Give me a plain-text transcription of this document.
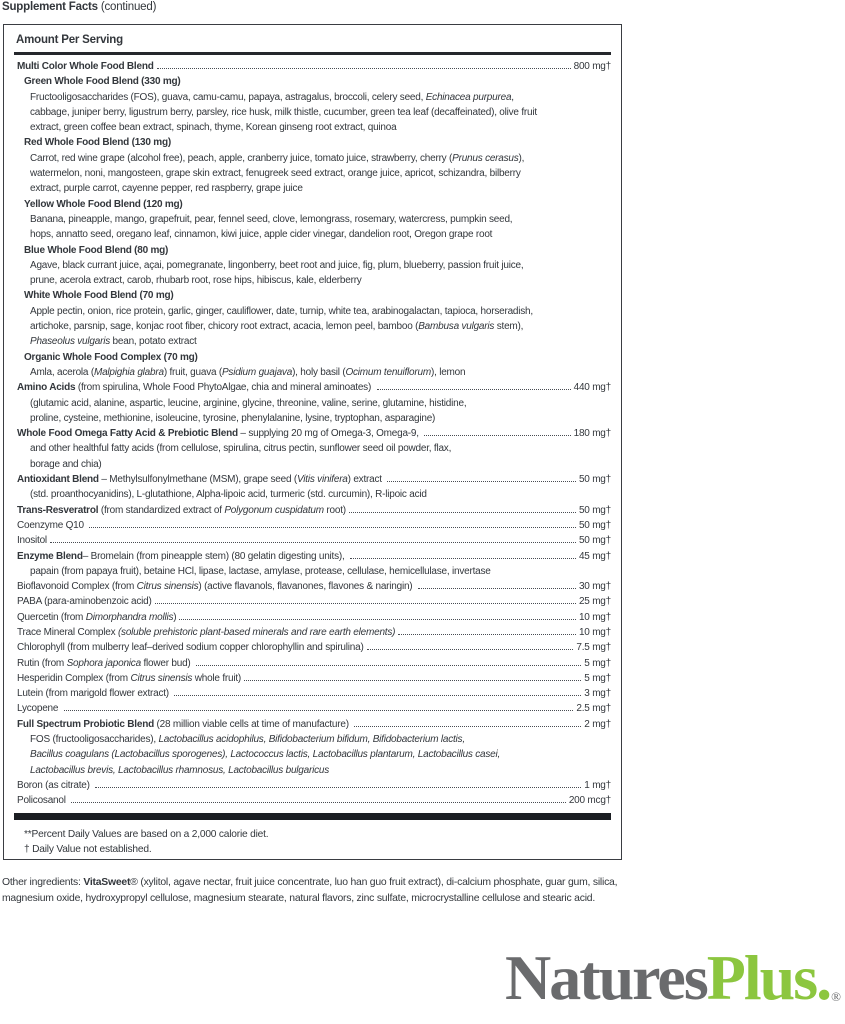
Supplement Facts (continued)
Amount Per Serving
Multi Color Whole Food Blend	800 mg†
Green Whole Food Blend (330 mg)
Fructooligosaccharides (FOS), guava, camu-camu, papaya, astragalus, broccoli, celery seed, Echinacea purpurea,
cabbage, juniper berry, ligustrum berry, parsley, rice husk, milk thistle, cucumber, green tea leaf (decaffeinated), olive fruit
extract, green coffee bean extract, spinach, thyme, Korean ginseng root extract, quinoa
Red Whole Food Blend (130 mg)
Carrot, red wine grape (alcohol free), peach, apple, cranberry juice, tomato juice, strawberry, cherry (Prunus cerasus),
watermelon, noni, mangosteen, grape skin extract, fenugreek seed extract, orange juice, apricot, schizandra, bilberry
extract, purple carrot, cayenne pepper, red raspberry, grape juice
Yellow Whole Food Blend (120 mg)
Banana, pineapple, mango, grapefruit, pear, fennel seed, clove, lemongrass, rosemary, watercress, pumpkin seed,
hops, annatto seed, oregano leaf, cinnamon, kiwi juice, apple cider vinegar, dandelion root, Oregon grape root
Blue Whole Food Blend (80 mg)
Agave, black currant juice, açai, pomegranate, lingonberry, beet root and juice, fig, plum, blueberry, passion fruit juice,
prune, acerola extract, carob, rhubarb root, rose hips, hibiscus, kale, elderberry
White Whole Food Blend (70 mg)
Apple pectin, onion, rice protein, garlic, ginger, cauliflower, date, turnip, white tea, arabinogalactan, tapioca, horseradish,
artichoke, parsnip, sage, konjac root fiber, chicory root extract, acacia, lemon peel, bamboo (Bambusa vulgaris stem),
Phaseolus vulgaris bean, potato extract
Organic Whole Food Complex (70 mg)
Amla, acerola (Malpighia glabra) fruit, guava (Psidium guajava), holy basil (Ocimum tenuiflorum), lemon
Amino Acids (from spirulina, Whole Food PhytoAlgae, chia and mineral aminoates)	440 mg†
(glutamic acid, alanine, aspartic, leucine, arginine, glycine, threonine, valine, serine, glutamine, histidine,
proline, cysteine, methionine, isoleucine, tyrosine, phenylalanine, lysine, tryptophan, asparagine)
Whole Food Omega Fatty Acid & Prebiotic Blend – supplying 20 mg of Omega-3, Omega-9,	180 mg†
and other healthful fatty acids (from cellulose, spirulina, citrus pectin, sunflower seed oil powder, flax,
borage and chia)
Antioxidant Blend – Methylsulfonylmethane (MSM), grape seed (Vitis vinifera) extract	50 mg†
(std. proanthocyanidins), L-glutathione, Alpha-lipoic acid, turmeric (std. curcumin), R-lipoic acid
Trans-Resveratrol (from standardized extract of Polygonum cuspidatum root)	50 mg†
Coenzyme Q10	50 mg†
Inositol	50 mg†
Enzyme Blend– Bromelain (from pineapple stem) (80 gelatin digesting units),	45 mg†
papain (from papaya fruit), betaine HCl, lipase, lactase, amylase, protease, cellulase, hemicellulase, invertase
Bioflavonoid Complex (from Citrus sinensis) (active flavanols, flavanones, flavones & naringin)	30 mg†
PABA (para-aminobenzoic acid)	25 mg†
Quercetin (from Dimorphandra mollis)	10 mg†
Trace Mineral Complex (soluble prehistoric plant-based minerals and rare earth elements)	10 mg†
Chlorophyll (from mulberry leaf–derived sodium copper chlorophyllin and spirulina)	7.5 mg†
Rutin (from Sophora japonica flower bud)	5 mg†
Hesperidin Complex (from Citrus sinensis whole fruit)	5 mg†
Lutein (from marigold flower extract)	3 mg†
Lycopene	2.5 mg†
Full Spectrum Probiotic Blend (28 million viable cells at time of manufacture)	2 mg†
FOS (fructooligosaccharides), Lactobacillus acidophilus, Bifidobacterium bifidum, Bifidobacterium lactis,
Bacillus coagulans (Lactobacillus sporogenes), Lactococcus lactis, Lactobacillus plantarum, Lactobacillus casei,
Lactobacillus brevis, Lactobacillus rhamnosus, Lactobacillus bulgaricus
Boron (as citrate)	1 mg†
Policosanol	200 mcg†
**Percent Daily Values are based on a 2,000 calorie diet.
† Daily Value not established.

Other ingredients: VitaSweet® (xylitol, agave nectar, fruit juice concentrate, luo han guo fruit extract), di-calcium phosphate, guar gum, silica, magnesium oxide, hydroxypropyl cellulose, magnesium stearate, natural flavors, zinc sulfate, microcrystalline cellulose and stearic acid.

NaturesPlus.®
